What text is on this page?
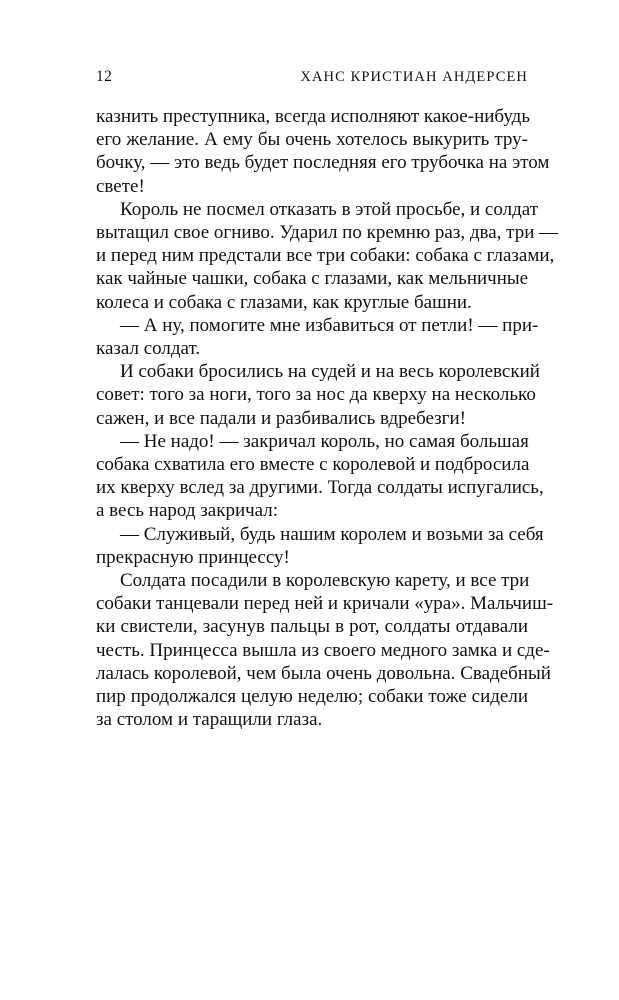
12	ХАНС КРИСТИАН АНДЕРСЕН
казнить преступника, всегда исполняют какое-нибудь
его желание. А ему бы очень хотелось выкурить тру-
бочку, — это ведь будет последняя его трубочка на этом
свете!
Король не посмел отказать в этой просьбе, и солдат
вытащил свое огниво. Ударил по кремню раз, два, три —
и перед ним предстали все три собаки: собака с глазами,
как чайные чашки, собака с глазами, как мельничные
колеса и собака с глазами, как круглые башни.
— А ну, помогите мне избавиться от петли! — при-
казал солдат.
И собаки бросились на судей и на весь королевский
совет: того за ноги, того за нос да кверху на несколько
сажен, и все падали и разбивались вдребезги!
— Не надо! — закричал король, но самая большая
собака схватила его вместе с королевой и подбросила
их кверху вслед за другими. Тогда солдаты испугались,
а весь народ закричал:
— Служивый, будь нашим королем и возьми за себя
прекрасную принцессу!
Солдата посадили в королевскую карету, и все три
собаки танцевали перед ней и кричали «ура». Мальчиш-
ки свистели, засунув пальцы в рот, солдаты отдавали
честь. Принцесса вышла из своего медного замка и сде-
лалась королевой, чем была очень довольна. Свадебный
пир продолжался целую неделю; собаки тоже сидели
за столом и таращили глаза.
